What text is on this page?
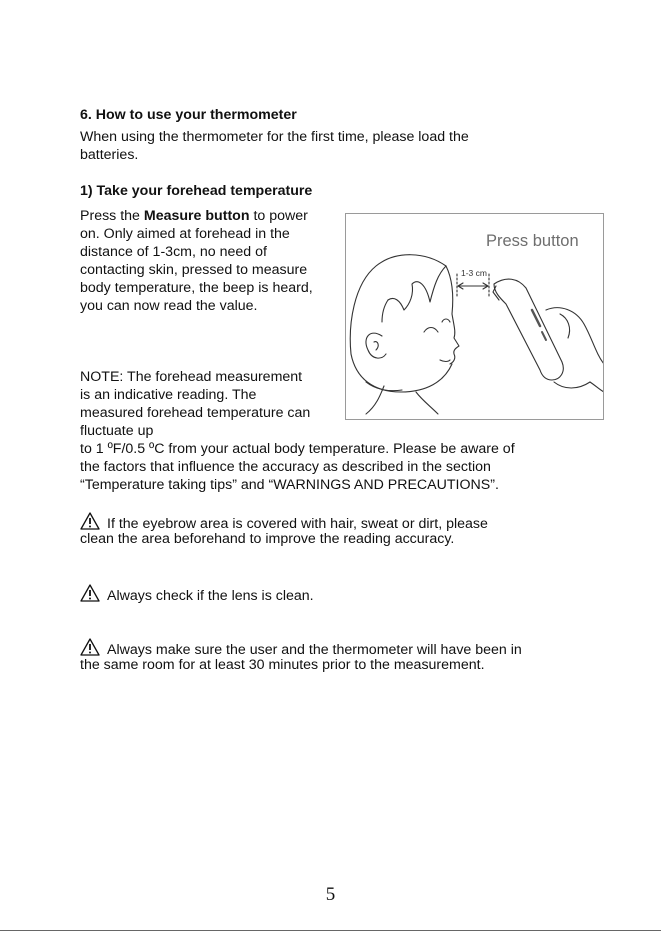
6. How to use your thermometer
When using the thermometer for the first time, please load the
batteries.
1) Take your forehead temperature
Press the Measure button to power
on. Only aimed at forehead in the
distance of 1-3cm, no need of
contacting skin, pressed to measure
body temperature, the beep is heard,
you can now read the value.
Press button
1-3 cm
NOTE: The forehead measurement
is an indicative reading. The
measured forehead temperature can
fluctuate up
to 1 ºF/0.5 ºC from your actual body temperature. Please be aware of
the factors that influence the accuracy as described in the section
“Temperature taking tips” and “WARNINGS AND PRECAUTIONS”.
If the eyebrow area is covered with hair, sweat or dirt, please
clean the area beforehand to improve the reading accuracy.
Always check if the lens is clean.
Always make sure the user and the thermometer will have been in
the same room for at least 30 minutes prior to the measurement.
5
